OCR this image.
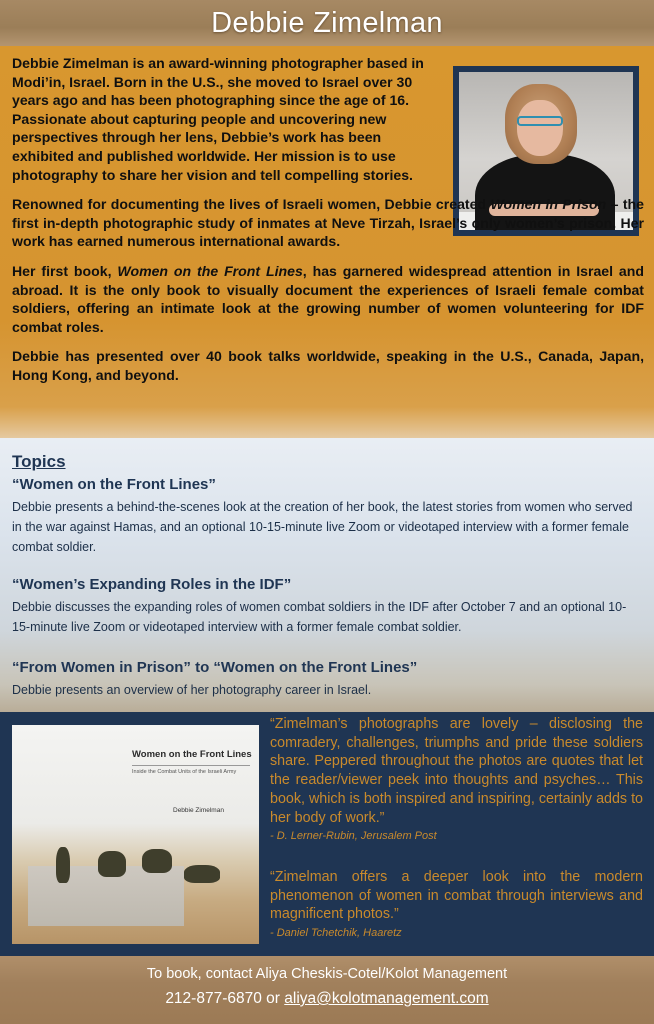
Debbie Zimelman

Debbie Zimelman is an award-winning photographer based in Modi’in, Israel. Born in the U.S., she moved to Israel over 30 years ago and has been photographing since the age of 16. Passionate about capturing people and uncovering new perspectives through her lens, Debbie’s work has been exhibited and published worldwide. Her mission is to use photography to share her vision and tell compelling stories.

Renowned for documenting the lives of Israeli women, Debbie created Women in Prison – the first in-depth photographic study of inmates at Neve Tirzah, Israel’s only women’s prison. Her work has earned numerous international awards.

Her first book, Women on the Front Lines, has garnered widespread attention in Israel and abroad. It is the only book to visually document the experiences of Israeli female combat soldiers, offering an intimate look at the growing number of women volunteering for IDF combat roles.

Debbie has presented over 40 book talks worldwide, speaking in the U.S., Canada, Japan, Hong Kong, and beyond.

Topics

“Women on the Front Lines”

Debbie presents a behind-the-scenes look at the creation of her book, the latest stories from women who served in the war against Hamas, and an optional 10-15-minute live Zoom or videotaped interview with a former female combat soldier.

“Women’s Expanding Roles in the IDF”

Debbie discusses the expanding roles of women combat soldiers in the IDF after October 7 and an optional 10-15-minute live Zoom or videotaped interview with a former female combat soldier.

“From Women in Prison” to “Women on the Front Lines”

Debbie presents an overview of her photography career in Israel.

Women on the Front Lines
Inside the Combat Units of the Israeli Army
Debbie Zimelman

“Zimelman’s photographs are lovely – disclosing the comradery, challenges, triumphs and pride these soldiers share. Peppered throughout the photos are quotes that let the reader/viewer peek into thoughts and psyches… This book, which is both inspired and inspiring, certainly adds to her body of work.”
- D. Lerner-Rubin, Jerusalem Post

“Zimelman offers a deeper look into the modern phenomenon of women in combat through interviews and magnificent photos.”
- Daniel Tchetchik, Haaretz

To book, contact Aliya Cheskis-Cotel/Kolot Management
212-877-6870 or aliya@kolotmanagement.com
